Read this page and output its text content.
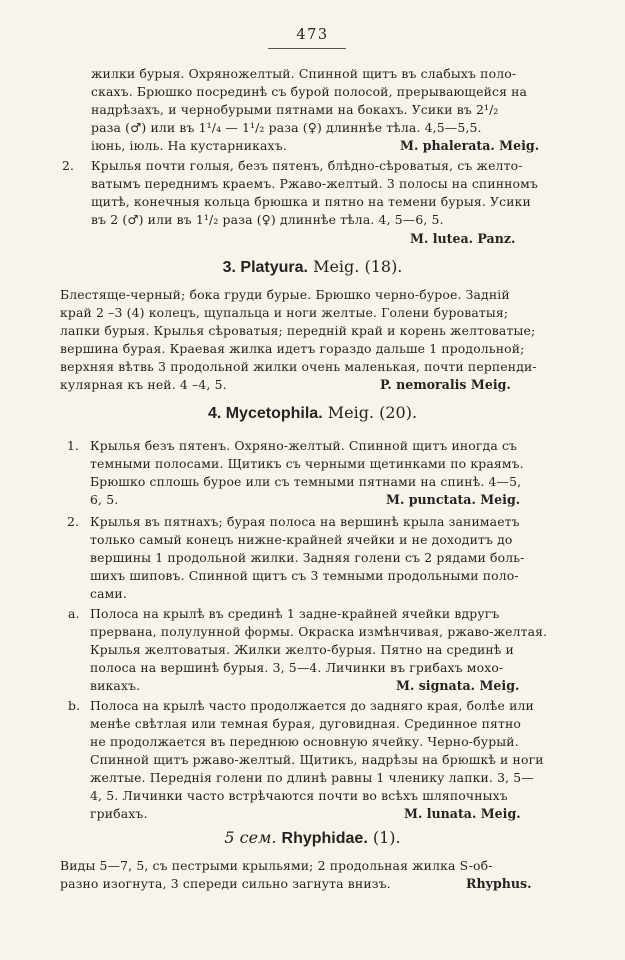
473
жилки бурыя. Охряножелтый. Спинной щитъ въ слабыхъ поло-
скахъ. Брюшко посрединѣ съ бурой полосой, прерывающейся на
надрѣзахъ, и чернобурыми пятнами на бокахъ. Усики въ 2¹/₂
раза (♂) или въ 1¹/₄ — 1¹/₂ раза (♀) длиннѣе тѣла. 4,5—5,5.
іюнь, іюль. На кустарникахъ.	M. phalerata. Meig.
2. Крылья почти голыя, безъ пятенъ, блѣдно-сѣроватыя, съ желто-
ватымъ переднимъ краемъ. Ржаво-желтый. 3 полосы на спинномъ
щитѣ, конечныя кольца брюшка и пятно на темени бурыя. Усики
въ 2 (♂) или въ 1¹/₂ раза (♀) длиннѣе тѣла. 4, 5—6, 5.
M. lutea. Panz.
3. Platyura. Meig. (18).
Блестяще-черный; бока груди бурые. Брюшко черно-бурое. Задній
край 2 –3 (4) колецъ, щупальца и ноги желтые. Голени буроватыя;
лапки бурыя. Крылья сѣроватыя; передній край и корень желтоватые;
вершина бурая. Краевая жилка идетъ гораздо дальше 1 продольной;
верхняя вѣтвь 3 продольной жилки очень маленькая, почти перпенди-
кулярная къ ней. 4 –4, 5.	P. nemoralis Meig.
4. Mycetophila. Meig. (20).
1. Крылья безъ пятенъ. Охряно-желтый. Спинной щитъ иногда съ
темными полосами. Щитикъ съ черными щетинками по краямъ.
Брюшко сплошь бурое или съ темными пятнами на спинѣ. 4—5,
6, 5.	M. punctata. Meig.
2. Крылья въ пятнахъ; бурая полоса на вершинѣ крыла занимаетъ
только самый конецъ нижне-крайней ячейки и не доходитъ до
вершины 1 продольной жилки. Задняя голени съ 2 рядами боль-
шихъ шиповъ. Спинной щитъ съ 3 темными продольными поло-
сами.
a. Полоса на крылѣ въ срединѣ 1 задне-крайней ячейки вдругъ
прервана, полулунной формы. Окраска измѣнчивая, ржаво-желтая.
Крылья желтоватыя. Жилки желто-бурыя. Пятно на срединѣ и
полоса на вершинѣ бурыя. 3, 5—4. Личинки въ грибахъ мохо-
викахъ.	M. signata. Meig.
b. Полоса на крылѣ часто продолжается до задняго края, болѣе или
менѣе свѣтлая или темная бурая, дуговидная. Срединное пятно
не продолжается въ переднюю основную ячейку. Черно-бурый.
Спинной щитъ ржаво-желтый. Щитикъ, надрѣзы на брюшкѣ и ноги
желтые. Переднія голени по длинѣ равны 1 членику лапки. 3, 5—
4, 5. Личинки часто встрѣчаются почти во всѣхъ шляпочныхъ
грибахъ.	M. lunata. Meig.
5 сем. Rhyphidae. (1).
Виды 5—7, 5, съ пестрыми крыльями; 2 продольная жилка S-об-
разно изогнута, 3 спереди сильно загнута внизъ.	Rhyphus.
